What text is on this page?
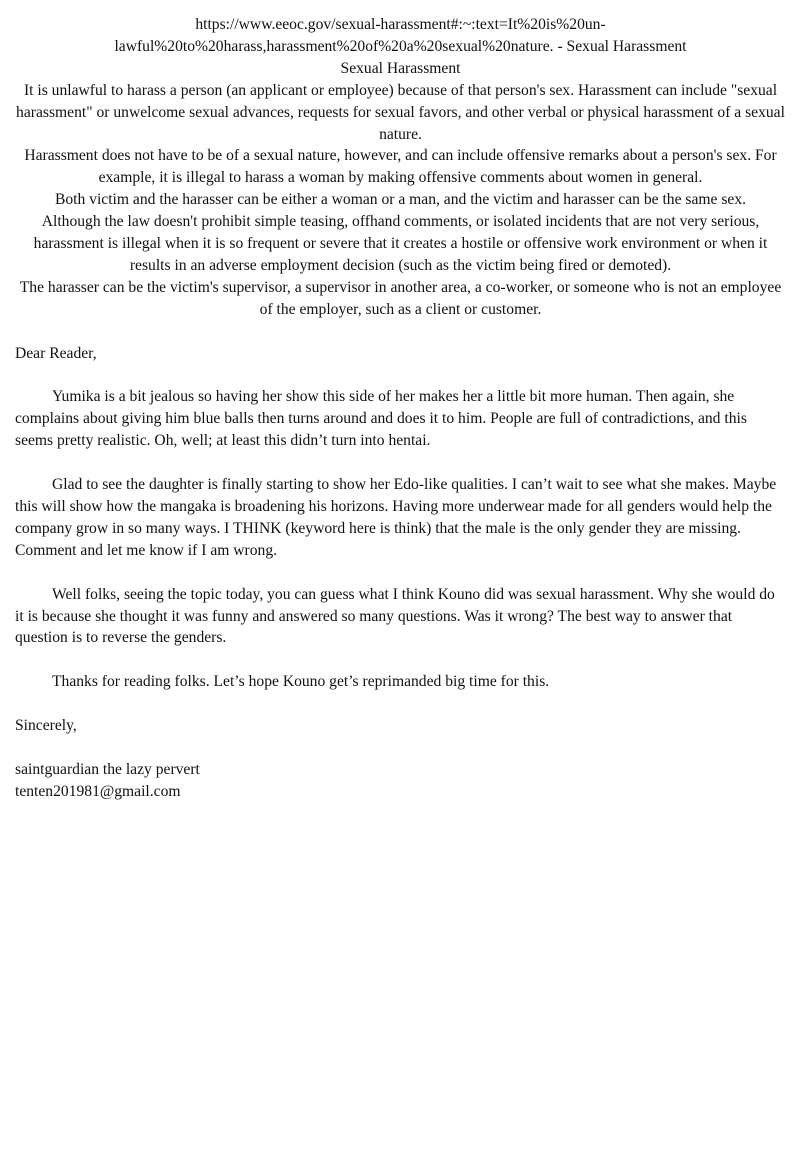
https://www.eeoc.gov/sexual-harassment#:~:text=It%20is%20un-lawful%20to%20harass,harassment%20of%20a%20sexual%20nature. - Sexual Harassment

Sexual Harassment

It is unlawful to harass a person (an applicant or employee) because of that person's sex. Harassment can include "sexual harassment" or unwelcome sexual advances, requests for sexual favors, and other verbal or physical harassment of a sexual nature.

Harassment does not have to be of a sexual nature, however, and can include offensive remarks about a person's sex. For example, it is illegal to harass a woman by making offensive comments about women in general.

Both victim and the harasser can be either a woman or a man, and the victim and harasser can be the same sex.

Although the law doesn't prohibit simple teasing, offhand comments, or isolated incidents that are not very serious, harassment is illegal when it is so frequent or severe that it creates a hostile or offensive work environment or when it results in an adverse employment decision (such as the victim being fired or demoted).

The harasser can be the victim's supervisor, a supervisor in another area, a co-worker, or someone who is not an employee of the employer, such as a client or customer.

Dear Reader,

Yumika is a bit jealous so having her show this side of her makes her a little bit more human. Then again, she complains about giving him blue balls then turns around and does it to him. People are full of contradictions, and this seems pretty realistic. Oh, well; at least this didn’t turn into hentai.

Glad to see the daughter is finally starting to show her Edo-like qualities. I can’t wait to see what she makes. Maybe this will show how the mangaka is broadening his horizons. Having more underwear made for all genders would help the company grow in so many ways. I THINK (keyword here is think) that the male is the only gender they are missing. Comment and let me know if I am wrong.

Well folks, seeing the topic today, you can guess what I think Kouno did was sexual harassment. Why she would do it is because she thought it was funny and answered so many questions. Was it wrong? The best way to answer that question is to reverse the genders.

Thanks for reading folks. Let’s hope Kouno get’s reprimanded big time for this.

Sincerely,

saintguardian the lazy pervert

tenten201981@gmail.com
